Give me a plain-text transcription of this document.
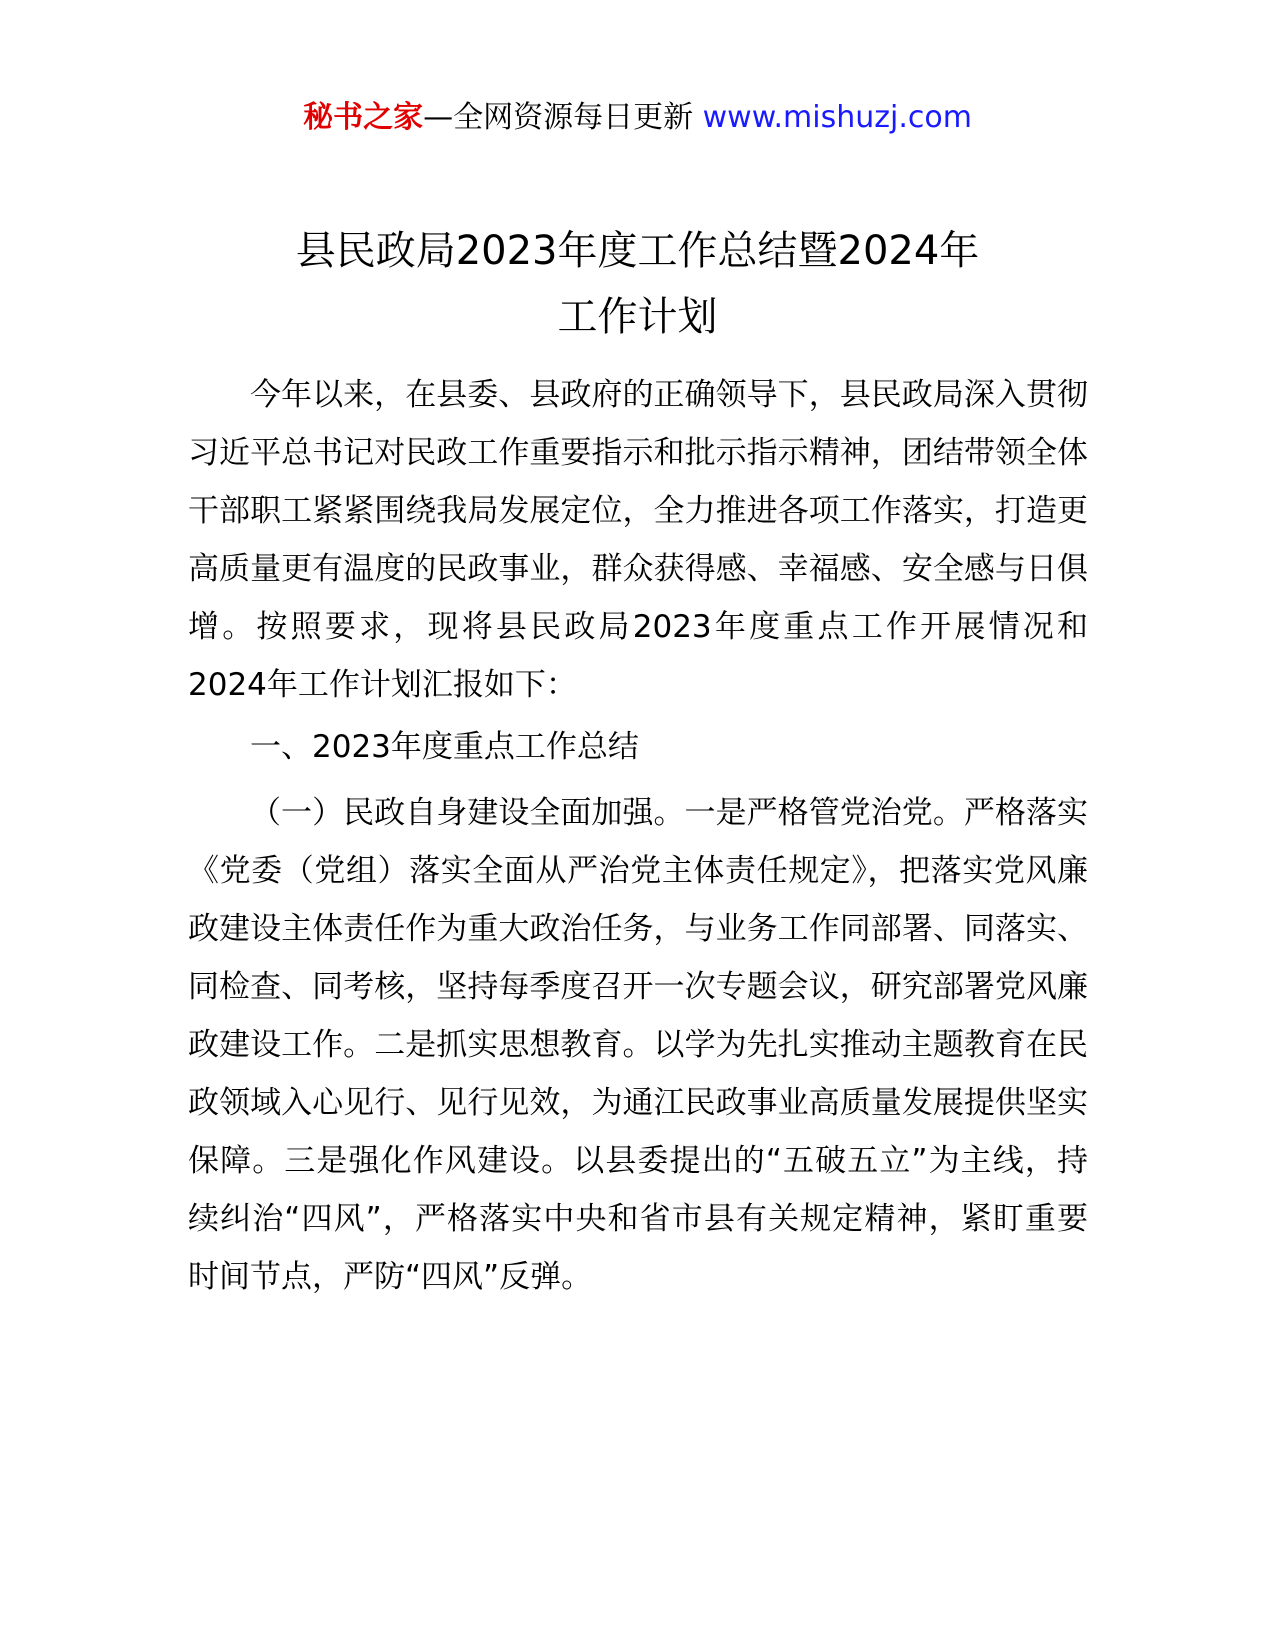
秘书之家—全网资源每日更新 www.mishuzj.com
县民政局2023年度工作总结暨2024年
工作计划

今年以来，在县委、县政府的正确领导下，县民政局深入贯彻习近平总书记对民政工作重要指示和批示指示精神，团结带领全体干部职工紧紧围绕我局发展定位，全力推进各项工作落实，打造更高质量更有温度的民政事业，群众获得感、幸福感、安全感与日俱增。按照要求，现将县民政局2023年度重点工作开展情况和2024年工作计划汇报如下：

一、2023年度重点工作总结

（一）民政自身建设全面加强。一是严格管党治党。严格落实《党委（党组）落实全面从严治党主体责任规定》，把落实党风廉政建设主体责任作为重大政治任务，与业务工作同部署、同落实、同检查、同考核，坚持每季度召开一次专题会议，研究部署党风廉政建设工作。二是抓实思想教育。以学为先扎实推动主题教育在民政领域入心见行、见行见效，为通江民政事业高质量发展提供坚实保障。三是强化作风建设。以县委提出的“五破五立”为主线，持续纠治“四风”，严格落实中央和省市县有关规定精神，紧盯重要时间节点，严防“四风”反弹。
